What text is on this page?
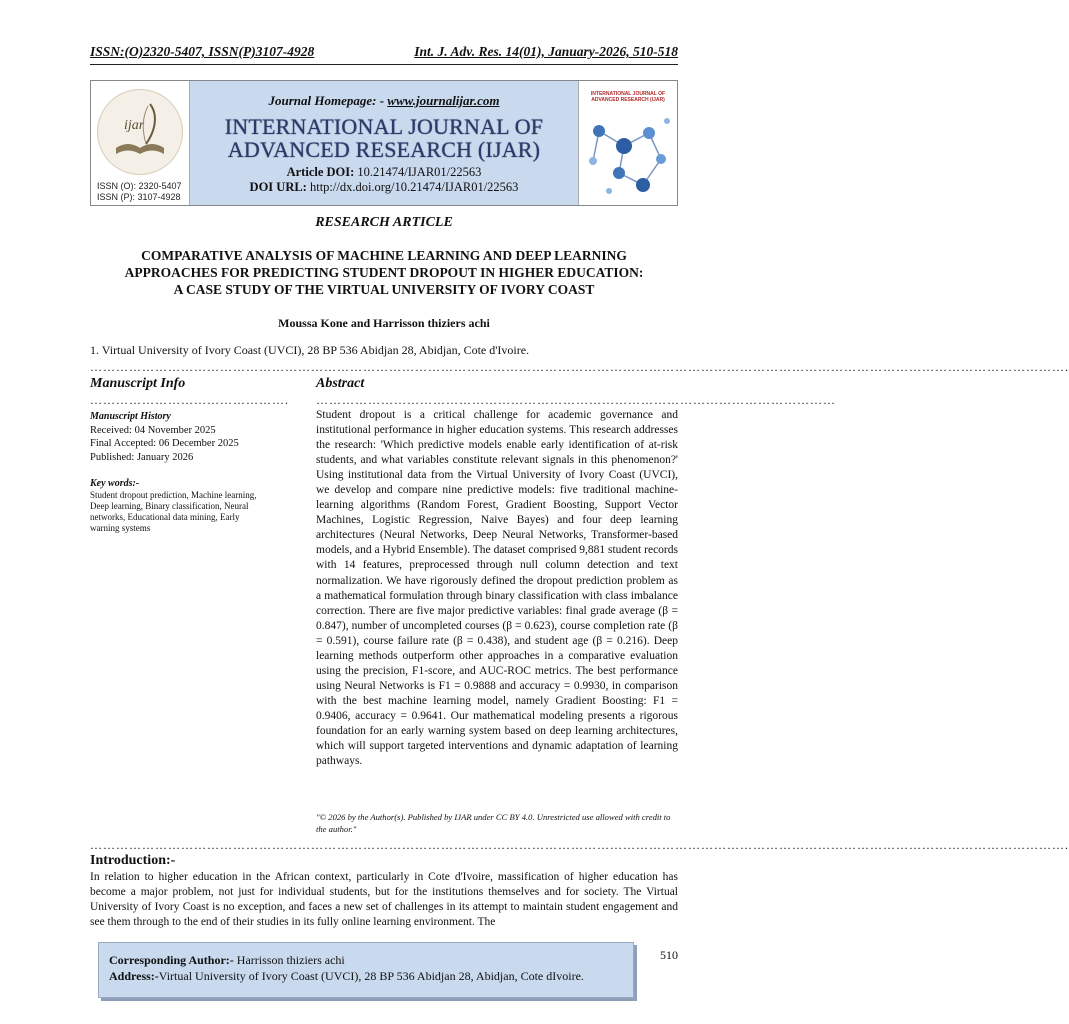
ISSN:(O)2320-5407, ISSN(P)3107-4928	Int. J. Adv. Res. 14(01), January-2026, 510-518
ijar
ISSN (O): 2320-5407
ISSN (P): 3107-4928
Journal Homepage: - www.journalijar.com
INTERNATIONAL JOURNAL OF
ADVANCED RESEARCH (IJAR)
Article DOI: 10.21474/IJAR01/22563
DOI URL: http://dx.doi.org/10.21474/IJAR01/22563
INTERNATIONAL JOURNAL OF ADVANCED RESEARCH (IJAR)
RESEARCH ARTICLE
COMPARATIVE ANALYSIS OF MACHINE LEARNING AND DEEP LEARNING
APPROACHES FOR PREDICTING STUDENT DROPOUT IN HIGHER EDUCATION:
A CASE STUDY OF THE VIRTUAL UNIVERSITY OF IVORY COAST
Moussa Kone and Harrisson thiziers achi
1. Virtual University of Ivory Coast (UVCI), 28 BP 536 Abidjan 28, Abidjan, Cote d'Ivoire.
……………………………………………………………………………………………………………………………………………………………………………………………………….
Manuscript Info	Abstract
………………………………………. …………………………………………………………………………………………………………
Manuscript History
Received: 04 November 2025
Final Accepted: 06 December 2025
Published: January 2026
Key words:-
Student dropout prediction, Machine learning, Deep learning, Binary classification, Neural networks, Educational data mining, Early warning systems
Student dropout is a critical challenge for academic governance and institutional performance in higher education systems. This research addresses the research: 'Which predictive models enable early identification of at-risk students, and what variables constitute relevant signals in this phenomenon?' Using institutional data from the Virtual University of Ivory Coast (UVCI), we develop and compare nine predictive models: five traditional machine-learning algorithms (Random Forest, Gradient Boosting, Support Vector Machines, Logistic Regression, Naive Bayes) and four deep learning architectures (Neural Networks, Deep Neural Networks, Transformer-based models, and a Hybrid Ensemble). The dataset comprised 9,881 student records with 14 features, preprocessed through null column detection and text normalization. We have rigorously defined the dropout prediction problem as a mathematical formulation through binary classification with class imbalance correction. There are five major predictive variables: final grade average (β = 0.847), number of uncompleted courses (β = 0.623), course completion rate (β = 0.591), course failure rate (β = 0.438), and student age (β = 0.216). Deep learning methods outperform other approaches in a comparative evaluation using the precision, F1-score, and AUC-ROC metrics. The best performance using Neural Networks is F1 = 0.9888 and accuracy = 0.9930, in comparison with the best machine learning model, namely Gradient Boosting: F1 = 0.9406, accuracy = 0.9641. Our mathematical modeling presents a rigorous foundation for an early warning system based on deep learning architectures, which will support targeted interventions and dynamic adaptation of learning pathways.
"© 2026 by the Author(s). Published by IJAR under CC BY 4.0. Unrestricted use allowed with credit to the author."
……………………………………………………………………………………………………………………………………………………………………………………………………….
Introduction:-
In relation to higher education in the African context, particularly in Cote d'Ivoire, massification of higher education has become a major problem, not just for individual students, but for the institutions themselves and for society. The Virtual University of Ivory Coast is no exception, and faces a new set of challenges in its attempt to maintain student engagement and see them through to the end of their studies in its fully online learning environment. The
Corresponding Author:- Harrisson thiziers achi
Address:-Virtual University of Ivory Coast (UVCI), 28 BP 536 Abidjan 28, Abidjan, Cote dIvoire.
510
